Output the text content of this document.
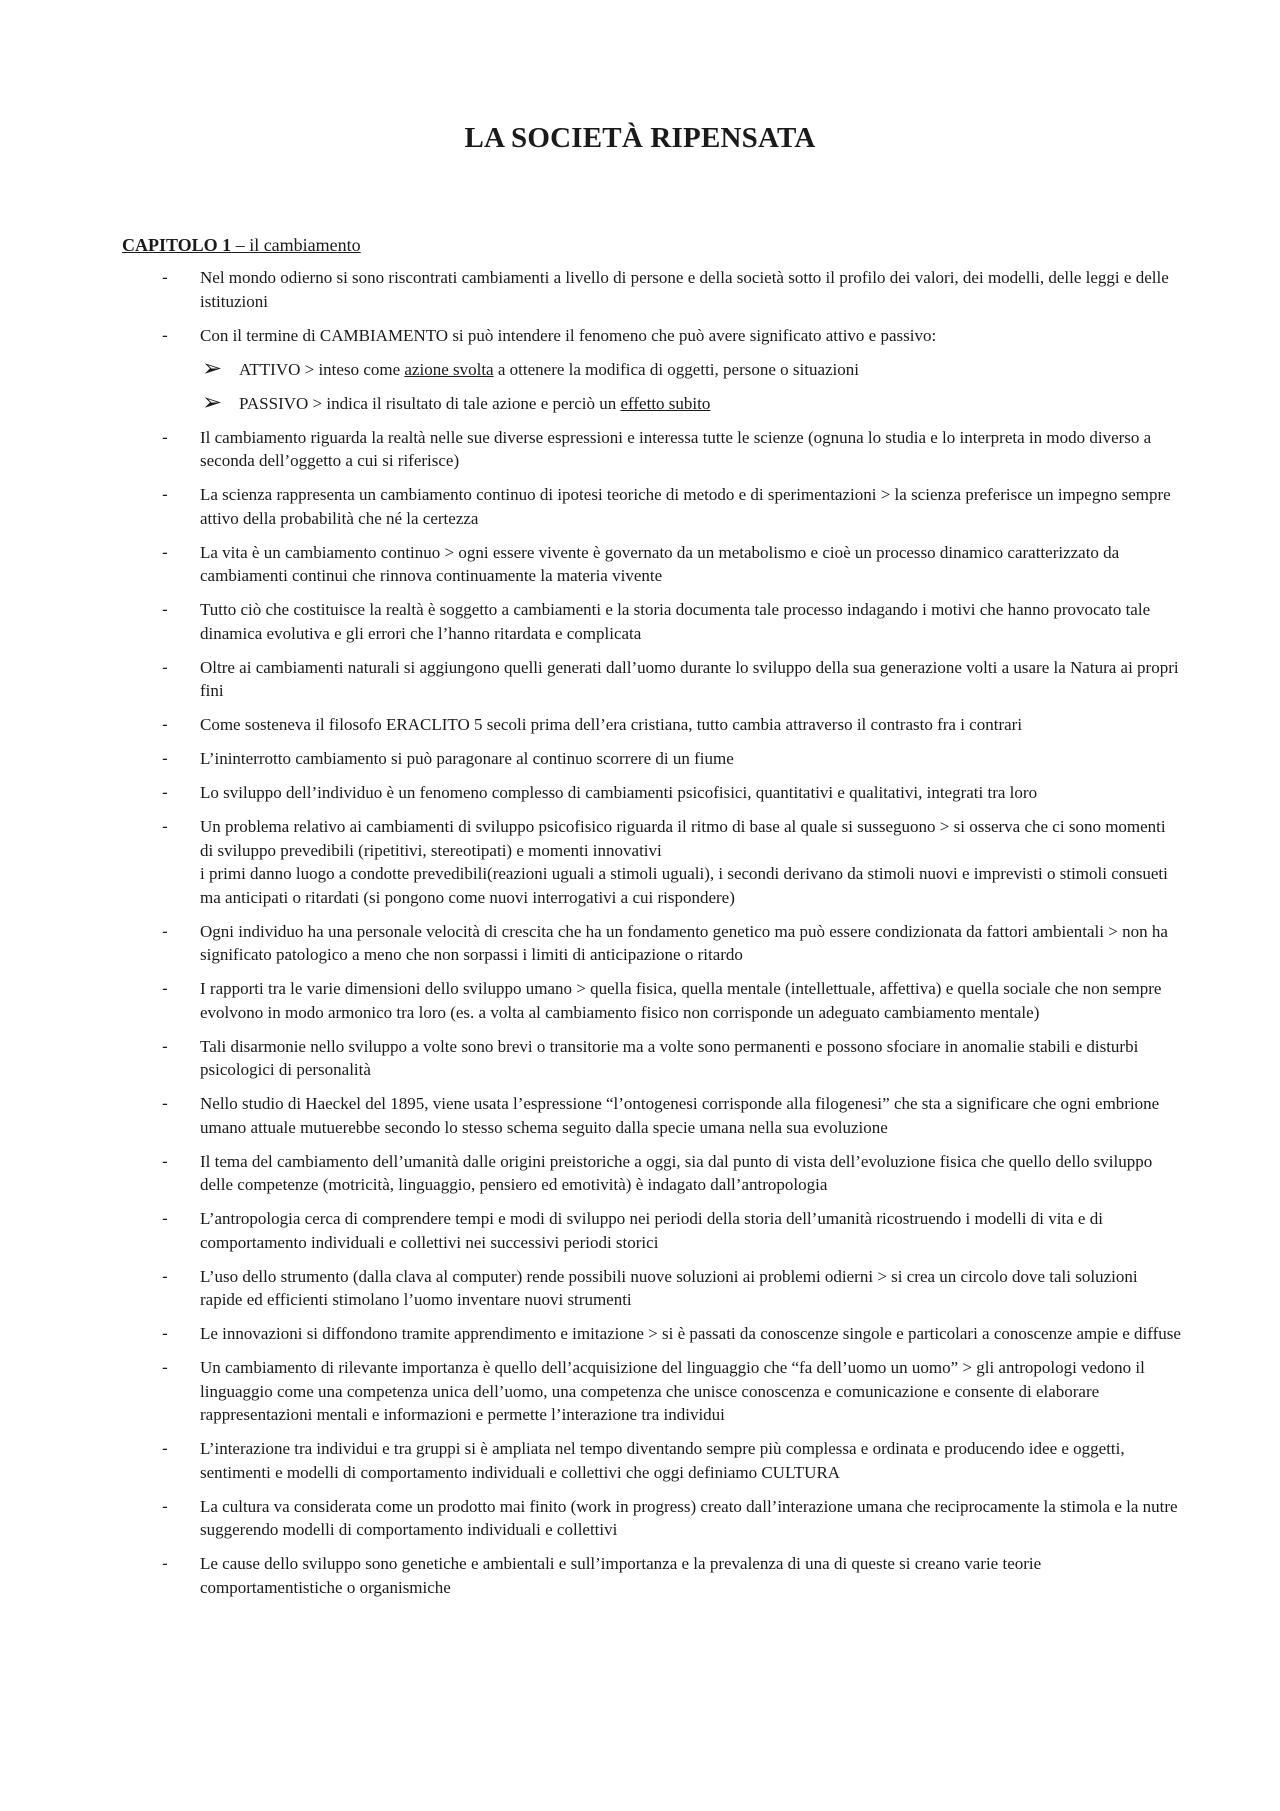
LA SOCIETÀ RIPENSATA
CAPITOLO 1 – il cambiamento
- Nel mondo odierno si sono riscontrati cambiamenti a livello di persone e della società sotto il profilo dei valori, dei modelli, delle leggi e delle istituzioni
- Con il termine di CAMBIAMENTO si può intendere il fenomeno che può avere significato attivo e passivo:
➢ ATTIVO > inteso come azione svolta a ottenere la modifica di oggetti, persone o situazioni
➢ PASSIVO > indica il risultato di tale azione e perciò un effetto subito
- Il cambiamento riguarda la realtà nelle sue diverse espressioni e interessa tutte le scienze (ognuna lo studia e lo interpreta in modo diverso a seconda dell’oggetto a cui si riferisce)
- La scienza rappresenta un cambiamento continuo di ipotesi teoriche di metodo e di sperimentazioni > la scienza preferisce un impegno sempre attivo della probabilità che né la certezza
- La vita è un cambiamento continuo > ogni essere vivente è governato da un metabolismo e cioè un processo dinamico caratterizzato da cambiamenti continui che rinnova continuamente la materia vivente
- Tutto ciò che costituisce la realtà è soggetto a cambiamenti e la storia documenta tale processo indagando i motivi che hanno provocato tale dinamica evolutiva e gli errori che l’hanno ritardata e complicata
- Oltre ai cambiamenti naturali si aggiungono quelli generati dall’uomo durante lo sviluppo della sua generazione volti a usare la Natura ai propri fini
- Come sosteneva il filosofo ERACLITO 5 secoli prima dell’era cristiana, tutto cambia attraverso il contrasto fra i contrari
- L’ininterrotto cambiamento si può paragonare al continuo scorrere di un fiume
- Lo sviluppo dell’individuo è un fenomeno complesso di cambiamenti psicofisici, quantitativi e qualitativi, integrati tra loro
- Un problema relativo ai cambiamenti di sviluppo psicofisico riguarda il ritmo di base al quale si susseguono > si osserva che ci sono momenti di sviluppo prevedibili (ripetitivi, stereotipati) e momenti innovativi
i primi danno luogo a condotte prevedibili(reazioni uguali a stimoli uguali), i secondi derivano da stimoli nuovi e imprevisti o stimoli consueti ma anticipati o ritardati (si pongono come nuovi interrogativi a cui rispondere)
- Ogni individuo ha una personale velocità di crescita che ha un fondamento genetico ma può essere condizionata da fattori ambientali > non ha significato patologico a meno che non sorpassi i limiti di anticipazione o ritardo
- I rapporti tra le varie dimensioni dello sviluppo umano > quella fisica, quella mentale (intellettuale, affettiva) e quella sociale che non sempre evolvono in modo armonico tra loro (es. a volta al cambiamento fisico non corrisponde un adeguato cambiamento mentale)
- Tali disarmonie nello sviluppo a volte sono brevi o transitorie ma a volte sono permanenti e possono sfociare in anomalie stabili e disturbi psicologici di personalità
- Nello studio di Haeckel del 1895, viene usata l’espressione “l’ontogenesi corrisponde alla filogenesi” che sta a significare che ogni embrione umano attuale mutuerebbe secondo lo stesso schema seguito dalla specie umana nella sua evoluzione
- Il tema del cambiamento dell’umanità dalle origini preistoriche a oggi, sia dal punto di vista dell’evoluzione fisica che quello dello sviluppo delle competenze (motricità, linguaggio, pensiero ed emotività) è indagato dall’antropologia
- L’antropologia cerca di comprendere tempi e modi di sviluppo nei periodi della storia dell’umanità ricostruendo i modelli di vita e di comportamento individuali e collettivi nei successivi periodi storici
- L’uso dello strumento (dalla clava al computer) rende possibili nuove soluzioni ai problemi odierni > si crea un circolo dove tali soluzioni rapide ed efficienti stimolano l’uomo inventare nuovi strumenti
- Le innovazioni si diffondono tramite apprendimento e imitazione > si è passati da conoscenze singole e particolari a conoscenze ampie e diffuse
- Un cambiamento di rilevante importanza è quello dell’acquisizione del linguaggio che “fa dell’uomo un uomo” > gli antropologi vedono il linguaggio come una competenza unica dell’uomo, una competenza che unisce conoscenza e comunicazione e consente di elaborare rappresentazioni mentali e informazioni e permette l’interazione tra individui
- L’interazione tra individui e tra gruppi si è ampliata nel tempo diventando sempre più complessa e ordinata e producendo idee e oggetti, sentimenti e modelli di comportamento individuali e collettivi che oggi definiamo CULTURA
- La cultura va considerata come un prodotto mai finito (work in progress) creato dall’interazione umana che reciprocamente la stimola e la nutre suggerendo modelli di comportamento individuali e collettivi
- Le cause dello sviluppo sono genetiche e ambientali e sull’importanza e la prevalenza di una di queste si creano varie teorie comportamentistiche o organismiche
